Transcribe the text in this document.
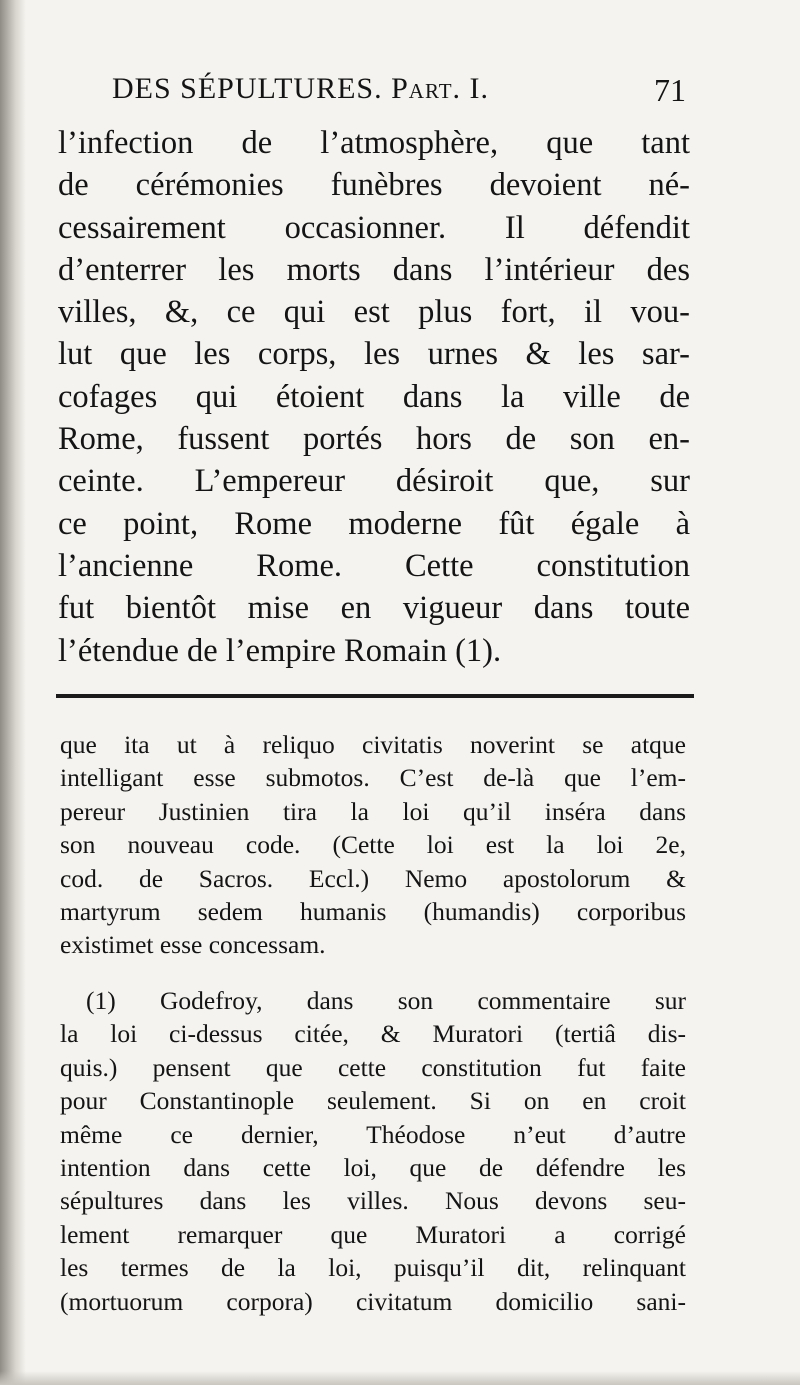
DES SÉPULTURES. Part. I.	71
l’infection de l’atmosphère, que tant
de cérémonies funèbres devoient né-
cessairement occasionner. Il défendit
d’enterrer les morts dans l’intérieur des
villes, &, ce qui est plus fort, il vou-
lut que les corps, les urnes & les sar-
cofages qui étoient dans la ville de
Rome, fussent portés hors de son en-
ceinte. L’empereur désiroit que, sur
ce point, Rome moderne fût égale à
l’ancienne Rome. Cette constitution
fut bientôt mise en vigueur dans toute
l’étendue de l’empire Romain (1).
que ita ut à reliquo civitatis noverint se atque
intelligant esse submotos. C’est de-là que l’em-
pereur Justinien tira la loi qu’il inséra dans
son nouveau code. (Cette loi est la loi 2e,
cod. de Sacros. Eccl.) Nemo apostolorum &
martyrum sedem humanis (humandis) corporibus
existimet esse concessam.
(1) Godefroy, dans son commentaire sur
la loi ci-dessus citée, & Muratori (tertiâ dis-
quis.) pensent que cette constitution fut faite
pour Constantinople seulement. Si on en croit
même ce dernier, Théodose n’eut d’autre
intention dans cette loi, que de défendre les
sépultures dans les villes. Nous devons seu-
lement remarquer que Muratori a corrigé
les termes de la loi, puisqu’il dit, relinquant
(mortuorum corpora) civitatum domicilio sani-
